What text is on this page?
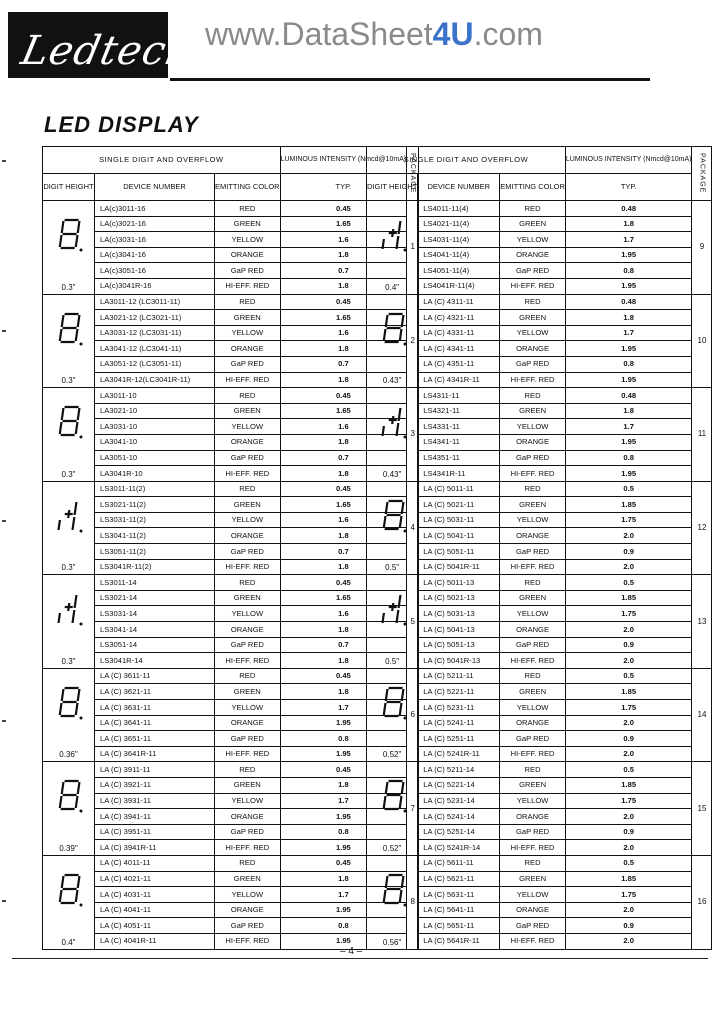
Ledtech www.DataSheet4U.com
LED DISPLAY
SINGLE DIGIT AND OVERFLOW			LUMINOUS INTENSITY (Nmcd@10mA)	PACKAGE
DIGIT HEIGHT	DEVICE NUMBER	EMITTING COLOR	TYP.	

0.3"	LA(c)3011-16	RED	0.45	1
	LA(c)3021-16	GREEN	1.65	
	LA(c)3031-16	YELLOW	1.6	
	LA(c)3041-16	ORANGE	1.8	
	LA(c)3051-16	GaP RED	0.7	
	LA(c)3041R-16	HI-EFF. RED	1.8	

0.3"	LA3011-12 (LC3011-11)	RED	0.45	2
	LA3021-12 (LC3021-11)	GREEN	1.65	
	LA3031-12 (LC3031-11)	YELLOW	1.6	
	LA3041-12 (LC3041-11)	ORANGE	1.8	
	LA3051-12 (LC3051-11)	GaP RED	0.7	
	LA3041R-12(LC3041R-11)	HI-EFF. RED	1.8	

0.3"	LA3011-10	RED	0.45	3
	LA3021-10	GREEN	1.65	
	LA3031-10	YELLOW	1.6	
	LA3041-10	ORANGE	1.8	
	LA3051-10	GaP RED	0.7	
	LA3041R-10	HI-EFF. RED	1.8	

0.3"	LS3011-11(2)	RED	0.45	4
	LS3021-11(2)	GREEN	1.65	
	LS3031-11(2)	YELLOW	1.6	
	LS3041-11(2)	ORANGE	1.8	
	LS3051-11(2)	GaP RED	0.7	
	LS3041R-11(2)	HI-EFF. RED	1.8	

0.3"	LS3011-14	RED	0.45	5
	LS3021-14	GREEN	1.65	
	LS3031-14	YELLOW	1.6	
	LS3041-14	ORANGE	1.8	
	LS3051-14	GaP RED	0.7	
	LS3041R-14	HI-EFF. RED	1.8	

0.36"	LA (C) 3611-11	RED	0.45	6
	LA (C) 3621-11	GREEN	1.8	
	LA (C) 3631-11	YELLOW	1.7	
	LA (C) 3641-11	ORANGE	1.95	
	LA (C) 3651-11	GaP RED	0.8	
	LA (C) 3641R-11	HI-EFF. RED	1.95	

0.39"	LA (C) 3911-11	RED	0.45	7
	LA (C) 3921-11	GREEN	1.8	
	LA (C) 3931-11	YELLOW	1.7	
	LA (C) 3941-11	ORANGE	1.95	
	LA (C) 3951-11	GaP RED	0.8	
	LA (C) 3941R-11	HI-EFF. RED	1.95	

0.4"	LA (C) 4011-11	RED	0.45	8
	LA (C) 4021-11	GREEN	1.8	
	LA (C) 4031-11	YELLOW	1.7	
	LA (C) 4041-11	ORANGE	1.95	
	LA (C) 4051-11	GaP RED	0.8	
	LA (C) 4041R-11	HI-EFF. RED	1.95	
SINGLE DIGIT AND OVERFLOW			LUMINOUS INTENSITY (Nmcd@10mA)	PACKAGE
DIGIT HEIGHT	DEVICE NUMBER	EMITTING COLOR	TYP.	

0.4"	LS4011-11(4)	RED	0.48	9
	LS4021-11(4)	GREEN	1.8	
	LS4031-11(4)	YELLOW	1.7	
	LS4041-11(4)	ORANGE	1.95	
	LS4051-11(4)	GaP RED	0.8	
	LS4041R-11(4)	HI-EFF. RED	1.95	

0.43"	LA (C) 4311-11	RED	0.48	10
	LA (C) 4321-11	GREEN	1.8	
	LA (C) 4331-11	YELLOW	1.7	
	LA (C) 4341-11	ORANGE	1.95	
	LA (C) 4351-11	GaP RED	0.8	
	LA (C) 4341R-11	HI-EFF. RED	1.95	

0.43"	LS4311-11	RED	0.48	11
	LS4321-11	GREEN	1.8	
	LS4331-11	YELLOW	1.7	
	LS4341-11	ORANGE	1.95	
	LS4351-11	GaP RED	0.8	
	LS4341R-11	HI-EFF. RED	1.95	

0.5"	LA (C) 5011-11	RED	0.5	12
	LA (C) 5021-11	GREEN	1.85	
	LA (C) 5031-11	YELLOW	1.75	
	LA (C) 5041-11	ORANGE	2.0	
	LA (C) 5051-11	GaP RED	0.9	
	LA (C) 5041R-11	HI-EFF. RED	2.0	

0.5"	LA (C) 5011-13	RED	0.5	13
	LA (C) 5021-13	GREEN	1.85	
	LA (C) 5031-13	YELLOW	1.75	
	LA (C) 5041-13	ORANGE	2.0	
	LA (C) 5051-13	GaP RED	0.9	
	LA (C) 5041R-13	HI-EFF. RED	2.0	

0.52"	LA (C) 5211-11	RED	0.5	14
	LA (C) 5221-11	GREEN	1.85	
	LA (C) 5231-11	YELLOW	1.75	
	LA (C) 5241-11	ORANGE	2.0	
	LA (C) 5251-11	GaP RED	0.9	
	LA (C) 5241R-11	HI-EFF. RED	2.0	

0.52"	LA (C) 5211-14	RED	0.5	15
	LA (C) 5221-14	GREEN	1.85	
	LA (C) 5231-14	YELLOW	1.75	
	LA (C) 5241-14	ORANGE	2.0	
	LA (C) 5251-14	GaP RED	0.9	
	LA (C) 5241R-14	HI-EFF. RED	2.0	

0.56"	LA (C) 5611-11	RED	0.5	16
	LA (C) 5621-11	GREEN	1.85	
	LA (C) 5631-11	YELLOW	1.75	
	LA (C) 5641-11	ORANGE	2.0	
	LA (C) 5651-11	GaP RED	0.9	
	LA (C) 5641R-11	HI-EFF. RED	2.0	
– 4 –
